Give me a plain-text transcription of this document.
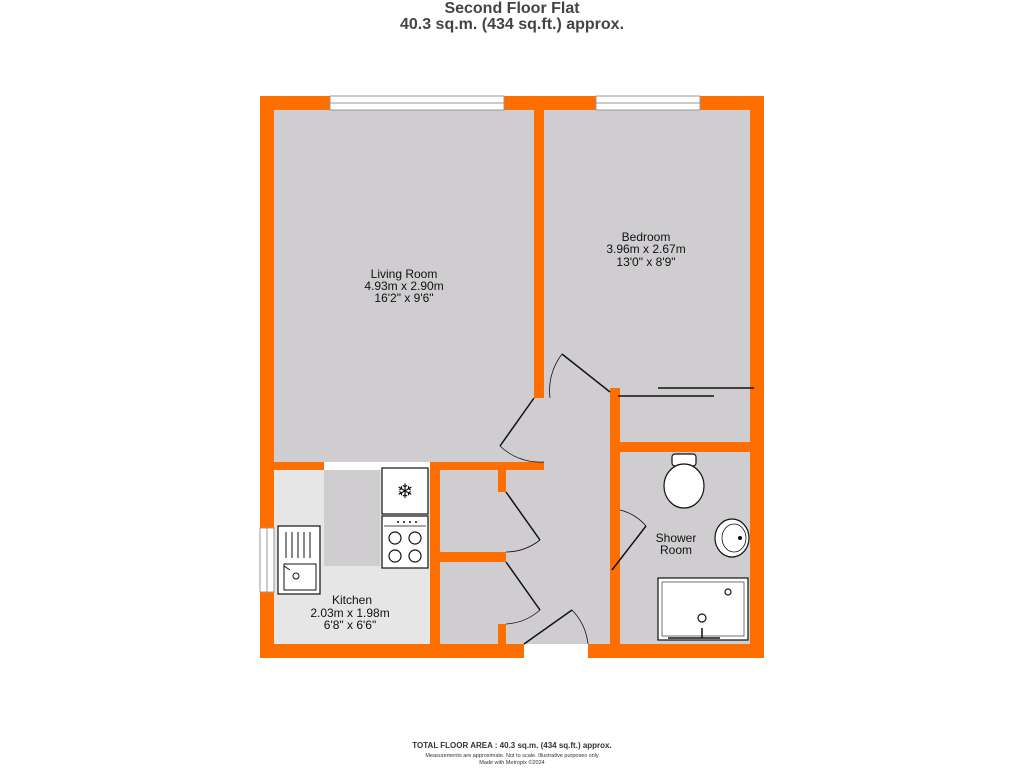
Second Floor Flat
40.3 sq.m. (434 sq.ft.) approx.
❄
Living Room
4.93m x 2.90m
16'2" x 9'6"
Bedroom
3.96m x 2.67m
13'0" x 8'9"
Kitchen
2.03m x 1.98m
6'8" x 6'6"
Shower
Room
TOTAL FLOOR AREA : 40.3 sq.m. (434 sq.ft.) approx.
Measurements are approximate. Not to scale. Illustrative purposes only
Made with Metropix ©2024
